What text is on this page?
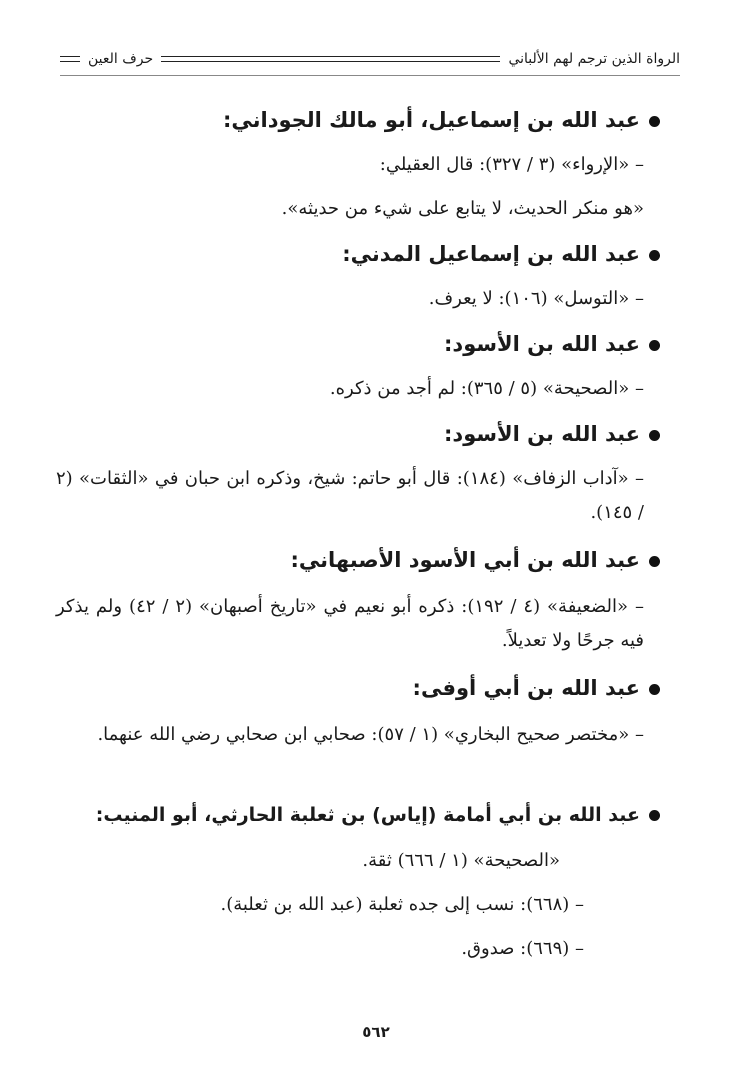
الرواة الذين ترجم لهم الألباني
حرف العين
عبد الله بن إسماعيل، أبو مالك الجوداني:
– «الإرواء» (٣ / ٣٢٧): قال العقيلي:
«هو منكر الحديث، لا يتابع على شيء من حديثه».
عبد الله بن إسماعيل المدني:
– «التوسل» (١٠٦): لا يعرف.
عبد الله بن الأسود:
– «الصحيحة» (٥ / ٣٦٥): لم أجد من ذكره.
عبد الله بن الأسود:
– «آداب الزفاف» (١٨٤): قال أبو حاتم: شيخ، وذكره ابن حبان في «الثقات» (٢ / ١٤٥).
عبد الله بن أبي الأسود الأصبهاني:
– «الضعيفة» (٤ / ١٩٢): ذكره أبو نعيم في «تاريخ أصبهان» (٢ / ٤٢) ولم يذكر فيه جرحًا ولا تعديلاً.
عبد الله بن أبي أوفى:
– «مختصر صحيح البخاري» (١ / ٥٧): صحابي ابن صحابي رضي الله عنهما.
عبد الله بن أبي أمامة (إياس) بن ثعلبة الحارثي، أبو المنيب:
«الصحيحة» (١ / ٦٦٦) ثقة.
– (٦٦٨): نسب إلى جده ثعلبة (عبد الله بن ثعلبة).
– (٦٦٩): صدوق.
٥٦٢
